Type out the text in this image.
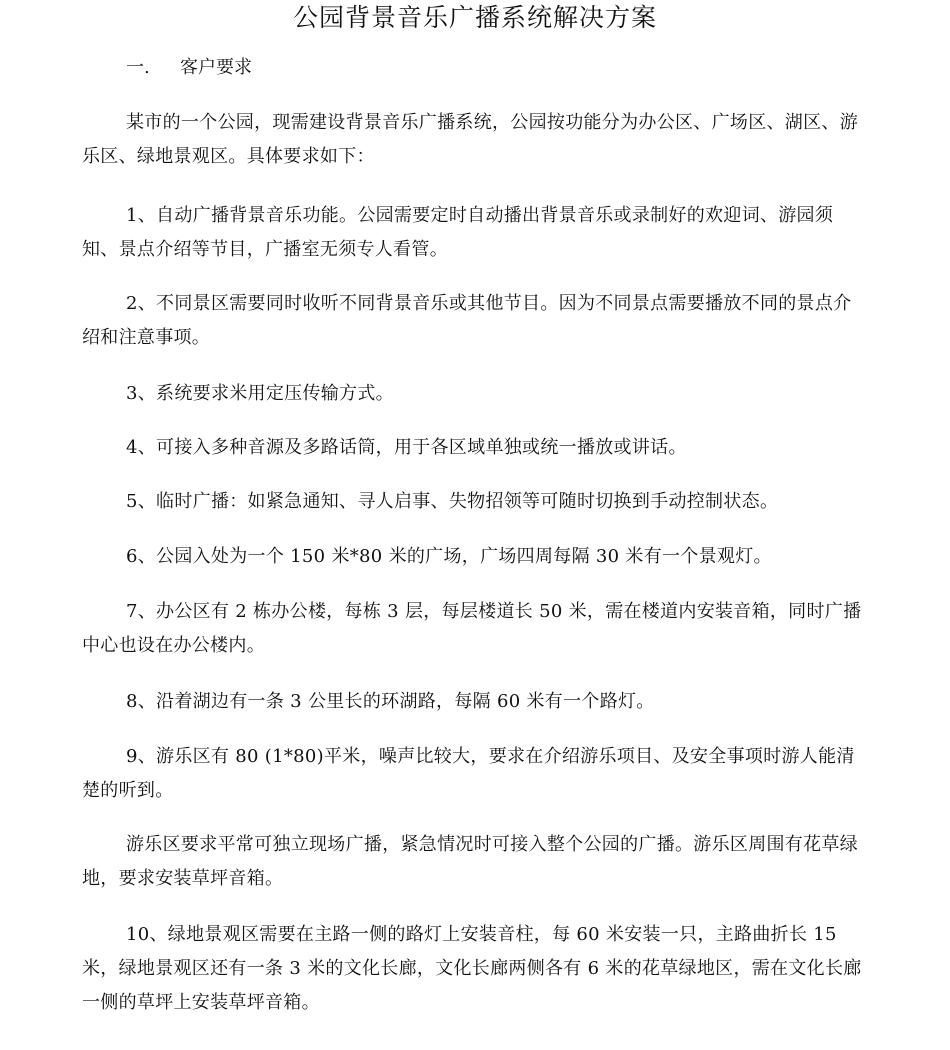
公园背景音乐广播系统解决方案
一. 客户要求

某市的一个公园，现需建设背景音乐广播系统，公园按功能分为办公区、广场区、湖区、游乐区、绿地景观区。具体要求如下：

1、自动广播背景音乐功能。公园需要定时自动播出背景音乐或录制好的欢迎词、游园须知、景点介绍等节目，广播室无须专人看管。

2、不同景区需要同时收听不同背景音乐或其他节目。因为不同景点需要播放不同的景点介绍和注意事项。

3、系统要求米用定压传输方式。

4、可接入多种音源及多路话筒，用于各区域单独或统一播放或讲话。

5、临时广播：如紧急通知、寻人启事、失物招领等可随时切换到手动控制状态。

6、公园入处为一个 150 米*80 米的广场，广场四周每隔 30 米有一个景观灯。

7、办公区有 2 栋办公楼，每栋 3 层，每层楼道长 50 米，需在楼道内安装音箱，同时广播中心也设在办公楼内。

8、沿着湖边有一条 3 公里长的环湖路，每隔 60 米有一个路灯。

9、游乐区有 80 (1*80)平米，噪声比较大，要求在介绍游乐项目、及安全事项时游人能清楚的听到。

游乐区要求平常可独立现场广播，紧急情况时可接入整个公园的广播。游乐区周围有花草绿地，要求安装草坪音箱。

10、绿地景观区需要在主路一侧的路灯上安装音柱，每 60 米安装一只，主路曲折长 15 米，绿地景观区还有一条 3 米的文化长廊，文化长廊两侧各有 6 米的花草绿地区，需在文化长廊一侧的草坪上安装草坪音箱。
